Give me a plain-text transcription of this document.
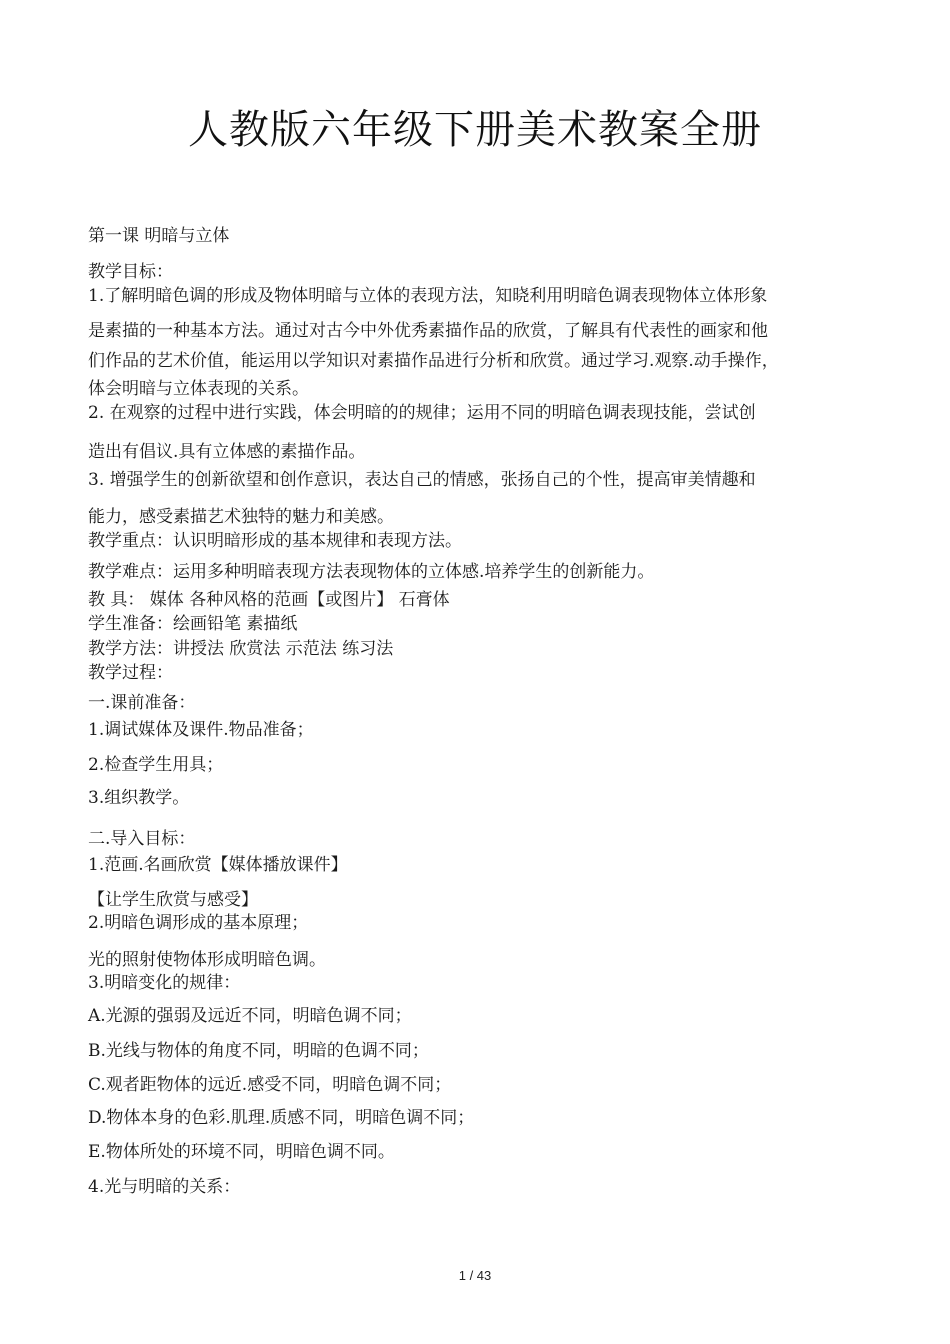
人教版六年级下册美术教案全册
第一课 明暗与立体
教学目标：
1.了解明暗色调的形成及物体明暗与立体的表现方法，知晓利用明暗色调表现物体立体形象
是素描的一种基本方法。通过对古今中外优秀素描作品的欣赏，了解具有代表性的画家和他
们作品的艺术价值，能运用以学知识对素描作品进行分析和欣赏。通过学习.观察.动手操作，
体会明暗与立体表现的关系。
2. 在观察的过程中进行实践，体会明暗的的规律；运用不同的明暗色调表现技能，尝试创
造出有倡议.具有立体感的素描作品。
3. 增强学生的创新欲望和创作意识，表达自己的情感，张扬自己的个性，提高审美情趣和
能力，感受素描艺术独特的魅力和美感。
教学重点：认识明暗形成的基本规律和表现方法。
教学难点：运用多种明暗表现方法表现物体的立体感.培养学生的创新能力。
教 具： 媒体 各种风格的范画【或图片】 石膏体
学生准备：绘画铅笔 素描纸
教学方法：讲授法 欣赏法 示范法 练习法
教学过程：
一.课前准备：
1.调试媒体及课件.物品准备；
2.检查学生用具；
3.组织教学。
二.导入目标：
1.范画.名画欣赏【媒体播放课件】
【让学生欣赏与感受】
2.明暗色调形成的基本原理；
光的照射使物体形成明暗色调。
3.明暗变化的规律：
A.光源的强弱及远近不同，明暗色调不同；
B.光线与物体的角度不同，明暗的色调不同；
C.观者距物体的远近.感受不同，明暗色调不同；
D.物体本身的色彩.肌理.质感不同，明暗色调不同；
E.物体所处的环境不同，明暗色调不同。
4.光与明暗的关系：
1 / 43
